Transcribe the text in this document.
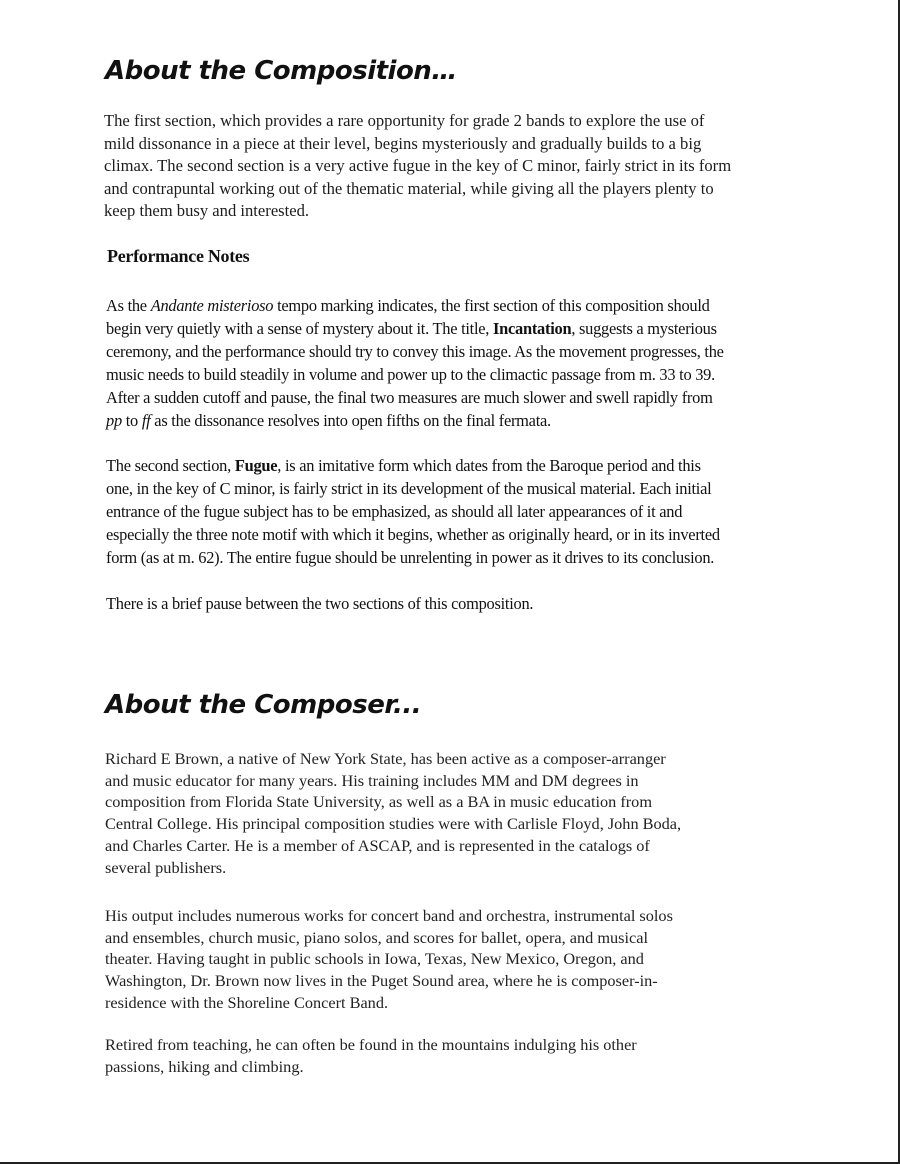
About the Composition…

The first section, which provides a rare opportunity for grade 2 bands to explore the use of
mild dissonance in a piece at their level, begins mysteriously and gradually builds to a big
climax. The second section is a very active fugue in the key of C minor, fairly strict in its form
and contrapuntal working out of the thematic material, while giving all the players plenty to
keep them busy and interested.

Performance Notes

As the Andante misterioso tempo marking indicates, the first section of this composition should
begin very quietly with a sense of mystery about it. The title, Incantation, suggests a mysterious
ceremony, and the performance should try to convey this image. As the movement progresses, the
music needs to build steadily in volume and power up to the climactic passage from m. 33 to 39.
After a sudden cutoff and pause, the final two measures are much slower and swell rapidly from
pp to ff as the dissonance resolves into open fifths on the final fermata.

The second section, Fugue, is an imitative form which dates from the Baroque period and this
one, in the key of C minor, is fairly strict in its development of the musical material. Each initial
entrance of the fugue subject has to be emphasized, as should all later appearances of it and
especially the three note motif with which it begins, whether as originally heard, or in its inverted
form (as at m. 62). The entire fugue should be unrelenting in power as it drives to its conclusion.

There is a brief pause between the two sections of this composition.

About the Composer...

Richard E Brown, a native of New York State, has been active as a composer-arranger
and music educator for many years. His training includes MM and DM degrees in
composition from Florida State University, as well as a BA in music education from
Central College. His principal composition studies were with Carlisle Floyd, John Boda,
and Charles Carter. He is a member of ASCAP, and is represented in the catalogs of
several publishers.

His output includes numerous works for concert band and orchestra, instrumental solos
and ensembles, church music, piano solos, and scores for ballet, opera, and musical
theater. Having taught in public schools in Iowa, Texas, New Mexico, Oregon, and
Washington, Dr. Brown now lives in the Puget Sound area, where he is composer-in-
residence with the Shoreline Concert Band.

Retired from teaching, he can often be found in the mountains indulging his other
passions, hiking and climbing.
